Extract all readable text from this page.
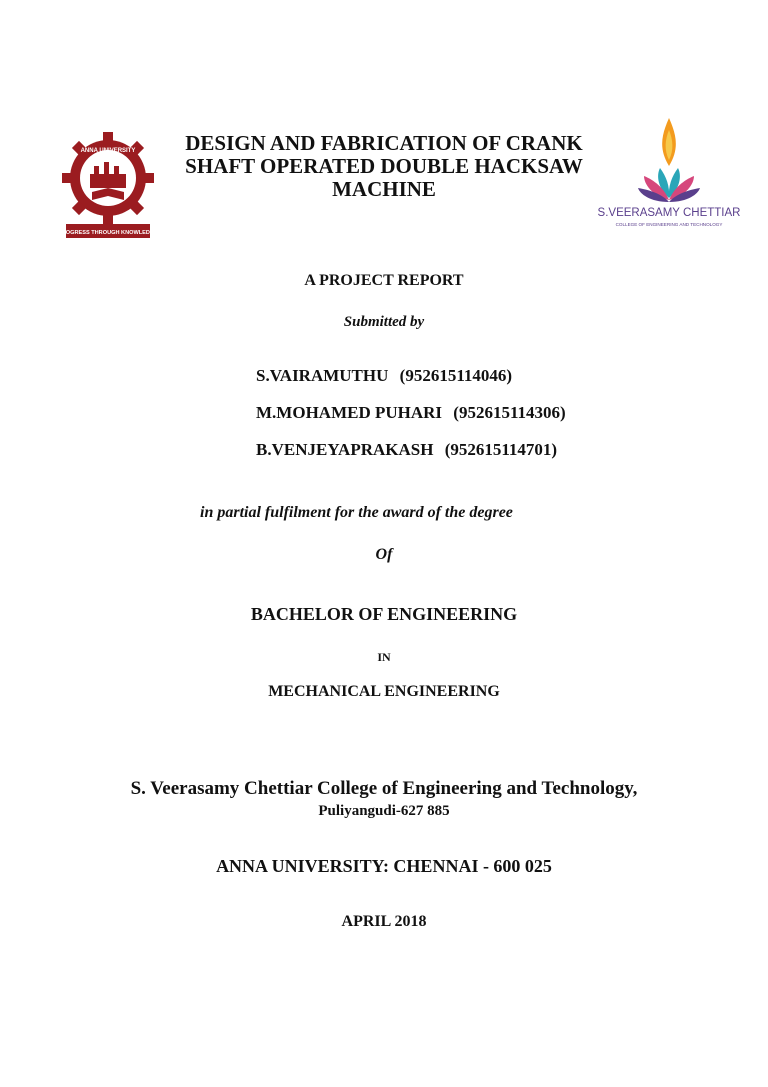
PROGRESS THROUGH KNOWLEDGE
ANNA UNIVERSITY
S.VEERASAMY CHETTIAR
COLLEGE OF ENGINEERING AND TECHNOLOGY
DESIGN AND FABRICATION OF CRANK
SHAFT OPERATED DOUBLE HACKSAW
MACHINE
A PROJECT REPORT
Submitted by
S.VAIRAMUTHU (952615114046)
M.MOHAMED PUHARI (952615114306)
B.VENJEYAPRAKASH (952615114701)
in partial fulfilment for the award of the degree
Of
BACHELOR OF ENGINEERING
IN
MECHANICAL ENGINEERING
S. Veerasamy Chettiar College of Engineering and Technology,
Puliyangudi-627 885
ANNA UNIVERSITY: CHENNAI - 600 025
APRIL 2018
